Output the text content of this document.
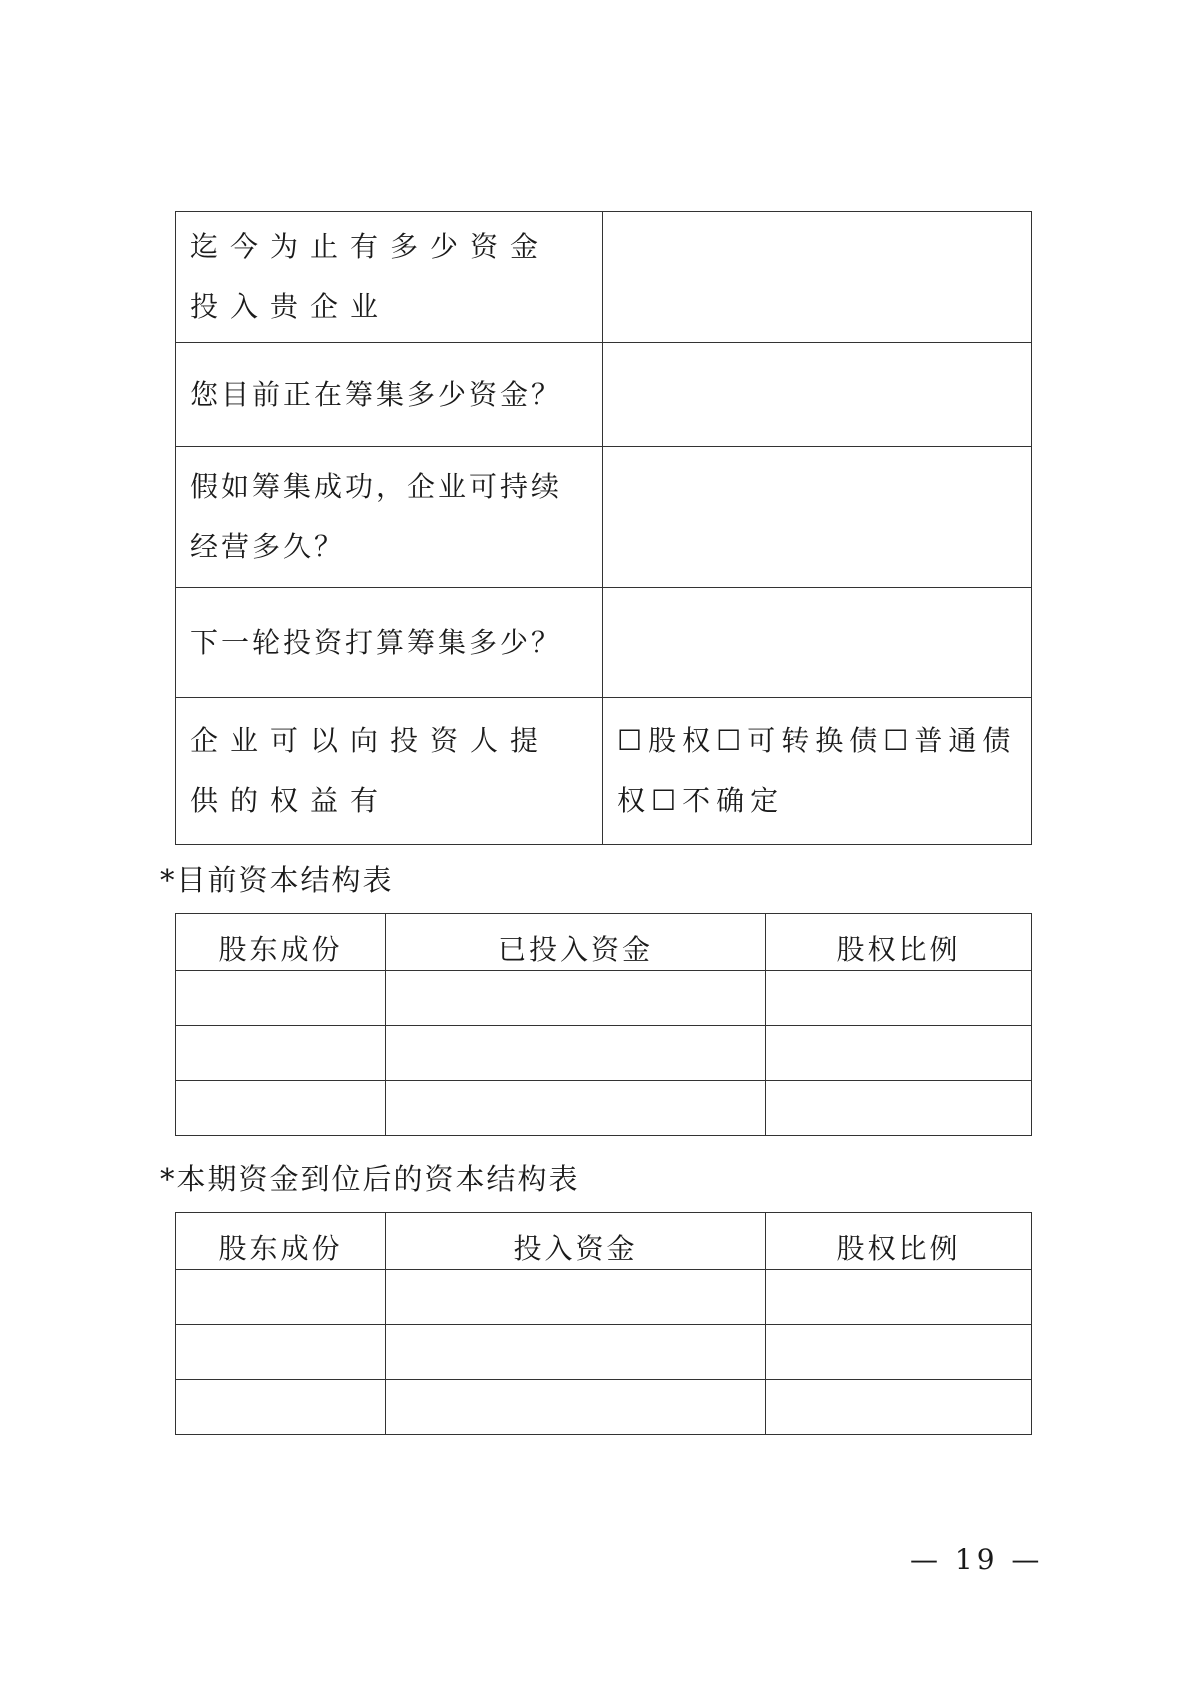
迄今为止有多少资金投入贵企业	
您目前正在筹集多少资金？	
假如筹集成功，企业可持续经营多久？	
下一轮投资打算筹集多少？	
企业可以向投资人提供的权益有	☐股权☐可转换债☐普通债权☐不确定
*目前资本结构表
股东成份	已投入资金	股权比例

*本期资金到位后的资本结构表
股东成份	投入资金	股权比例

— 19 —
